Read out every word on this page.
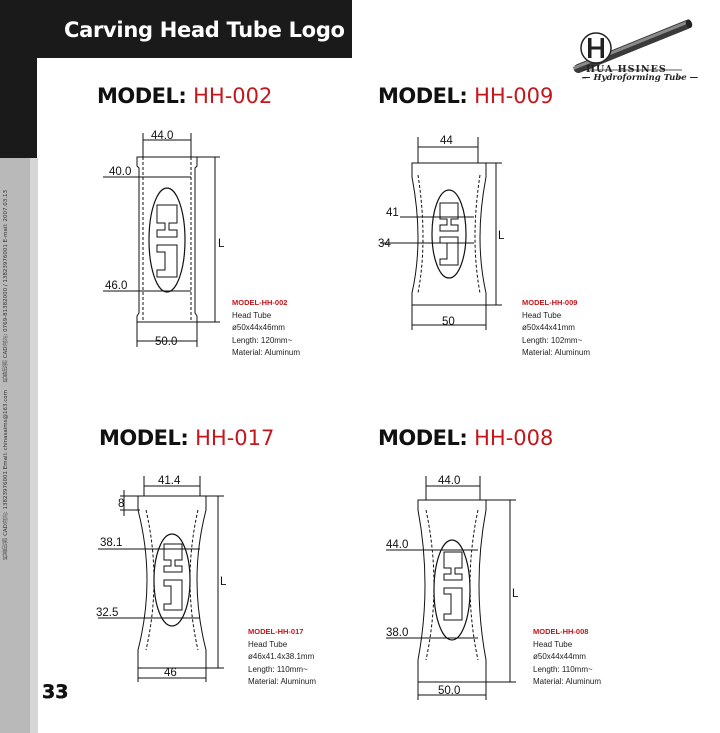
Carving Head Tube Logo
机器切割 CAD設計: 0769-81382000 / 13823976001 E-mail: 2007.03.13
机器切割 CAD設計: 13823976001 Email: chinasaims@163.com
33
HUA HSINES
— Hydroforming Tube —
MODEL: HH-002	MODEL: HH-009
MODEL: HH-017	MODEL: HH-008
44.0
40.0
46.0
50.0
L
44
41
34
50
L
41.4
8
38.1
32.5
46
L
44.0
44.0
38.0
50.0
L
MODEL-HH-002
Head Tube
ø50x44x46mm
Length: 120mm~
Material: Aluminum
MODEL-HH-009
Head Tube
ø50x44x41mm
Length: 102mm~
Material: Aluminum
MODEL-HH-017
Head Tube
ø46x41.4x38.1mm
Length: 110mm~
Material: Aluminum
MODEL-HH-008
Head Tube
ø50x44x44mm
Length: 110mm~
Material: Aluminum
